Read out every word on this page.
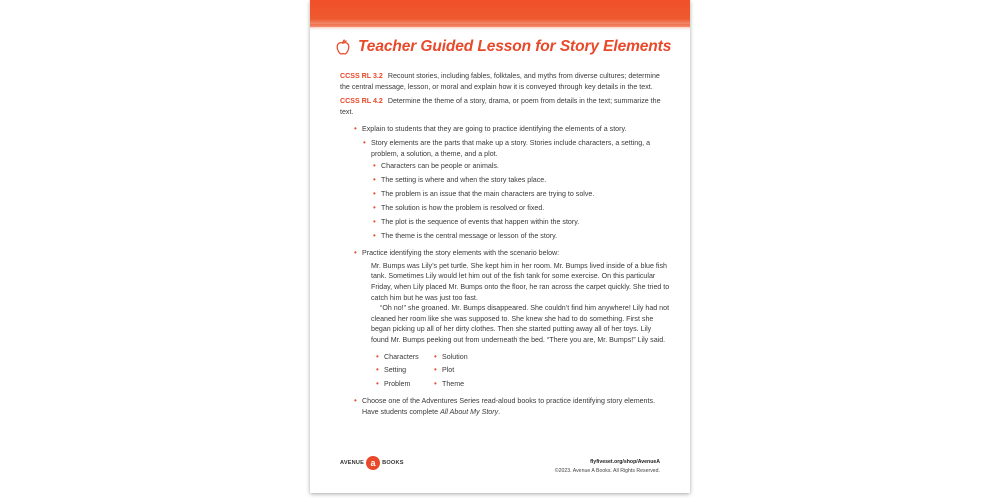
Teacher Guided Lesson for Story Elements

CCSS RL 3.2 Recount stories, including fables, folktales, and myths from diverse cultures; determine the central message, lesson, or moral and explain how it is conveyed through key details in the text.

CCSS RL 4.2 Determine the theme of a story, drama, or poem from details in the text; summarize the text.

• Explain to students that they are going to practice identifying the elements of a story.
• Story elements are the parts that make up a story. Stories include characters, a setting, a problem, a solution, a theme, and a plot.
• Characters can be people or animals.
• The setting is where and when the story takes place.
• The problem is an issue that the main characters are trying to solve.
• The solution is how the problem is resolved or fixed.
• The plot is the sequence of events that happen within the story.
• The theme is the central message or lesson of the story.
• Practice identifying the story elements with the scenario below:

Mr. Bumps was Lily’s pet turtle. She kept him in her room. Mr. Bumps lived inside of a blue fish tank. Sometimes Lily would let him out of the fish tank for some exercise. On this particular Friday, when Lily placed Mr. Bumps onto the floor, he ran across the carpet quickly. She tried to catch him but he was just too fast.

“Oh no!” she groaned. Mr. Bumps disappeared. She couldn’t find him anywhere! Lily had not cleaned her room like she was supposed to. She knew she had to do something. First she began picking up all of her dirty clothes. Then she started putting away all of her toys. Lily found Mr. Bumps peeking out from underneath the bed. “There you are, Mr. Bumps!” Lily said.

• Characters	• Solution
• Setting	• Plot
• Problem	• Theme
• Choose one of the Adventures Series read-aloud books to practice identifying story elements. Have students complete All About My Story.
AVENUE a	BOOKS	flyfiveset.org/shop/AvenueA
©2023. Avenue A Books. All Rights Reserved.
